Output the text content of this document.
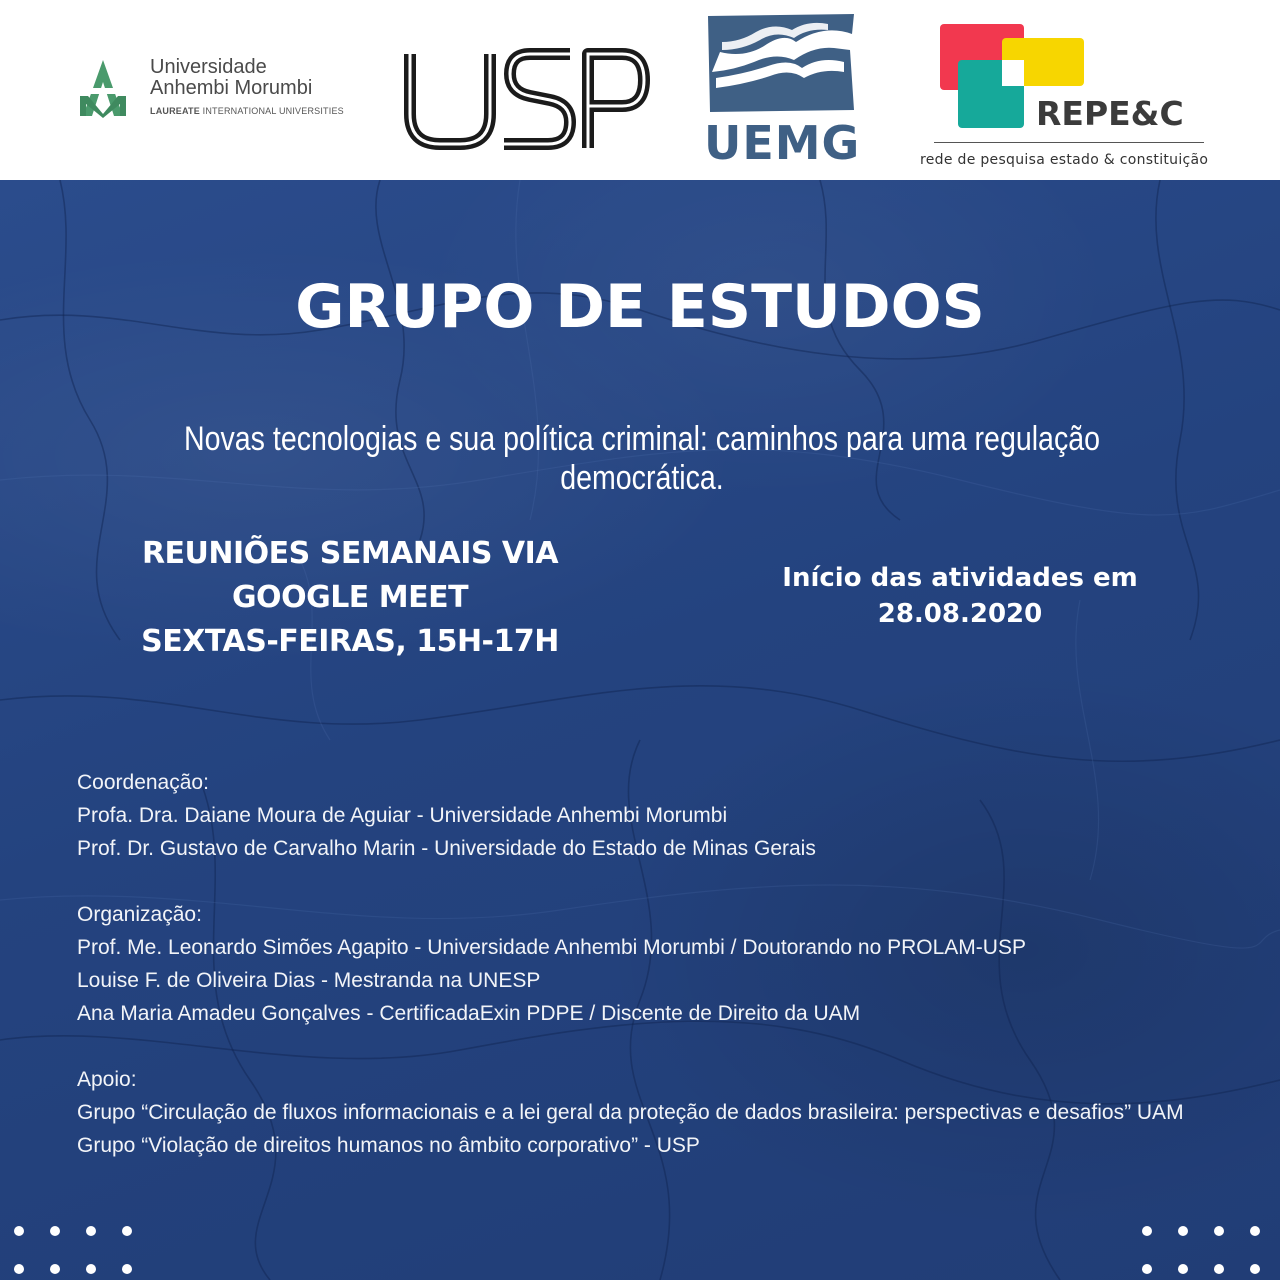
Universidade
Anhembi Morumbi
LAUREATE INTERNATIONAL UNIVERSITIES
UEMG
REPE&C
rede de pesquisa estado & constituição
GRUPO DE ESTUDOS
Novas tecnologias e sua política criminal: caminhos para uma regulação democrática.
REUNIÕES SEMANAIS VIA
GOOGLE MEET
SEXTAS-FEIRAS, 15H-17H
Início das atividades em
28.08.2020
Coordenação:
Profa. Dra. Daiane Moura de Aguiar - Universidade Anhembi Morumbi
Prof. Dr. Gustavo de Carvalho Marin - Universidade do Estado de Minas Gerais
Organização:
Prof. Me. Leonardo Simões Agapito - Universidade Anhembi Morumbi / Doutorando no PROLAM-USP
Louise F. de Oliveira Dias - Mestranda na UNESP
Ana Maria Amadeu Gonçalves - CertificadaExin PDPE / Discente de Direito da UAM
Apoio:
Grupo “Circulação de fluxos informacionais e a lei geral da proteção de dados brasileira: perspectivas e desafios” UAM
Grupo “Violação de direitos humanos no âmbito corporativo” - USP
